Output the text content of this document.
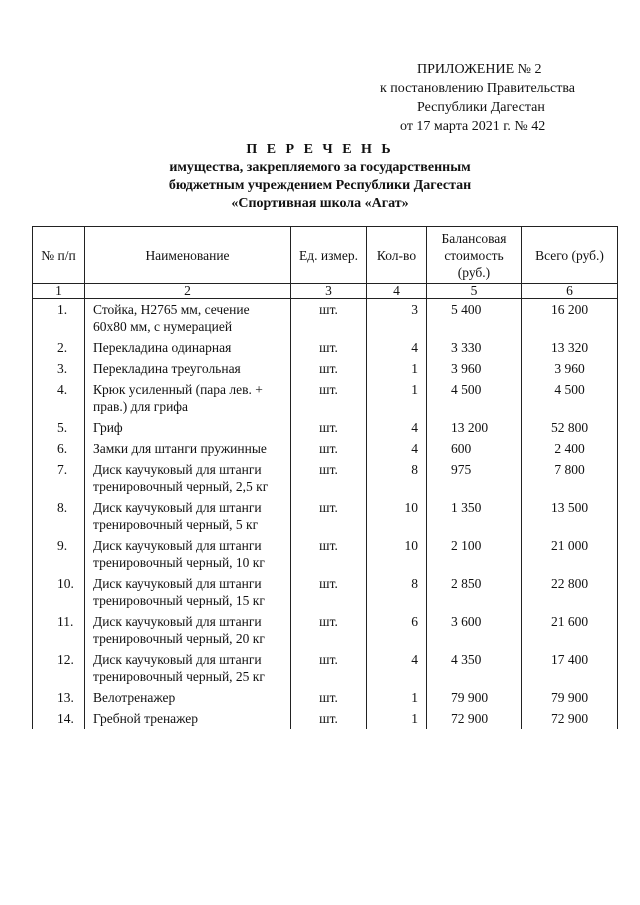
ПРИЛОЖЕНИЕ № 2
к постановлению Правительства
Республики Дагестан
от 17 марта 2021 г. № 42
П Е Р Е Ч Е Н Ь
имущества, закрепляемого за государственным
бюджетным учреждением Республики Дагестан
«Спортивная школа «Агат»
№ п/п	Наименование	Ед. измер.	Кол-во	Балансовая стоимость (руб.)	Всего (руб.)
1	2	3	4	5	6
1.	Стойка, Н2765 мм, сечение 60х80 мм, с нумерацией	шт.	3	5 400	16 200
2.	Перекладина одинарная	шт.	4	3 330	13 320
3.	Перекладина треугольная	шт.	1	3 960	3 960
4.	Крюк усиленный (пара лев. + прав.) для грифа	шт.	1	4 500	4 500
5.	Гриф	шт.	4	13 200	52 800
6.	Замки для штанги пружинные	шт.	4	600	2 400
7.	Диск каучуковый для штанги тренировочный черный, 2,5 кг	шт.	8	975	7 800
8.	Диск каучуковый для штанги тренировочный черный, 5 кг	шт.	10	1 350	13 500
9.	Диск каучуковый для штанги тренировочный черный, 10 кг	шт.	10	2 100	21 000
10.	Диск каучуковый для штанги тренировочный черный, 15 кг	шт.	8	2 850	22 800
11.	Диск каучуковый для штанги тренировочный черный, 20 кг	шт.	6	3 600	21 600
12.	Диск каучуковый для штанги тренировочный черный, 25 кг	шт.	4	4 350	17 400
13.	Велотренажер	шт.	1	79 900	79 900
14.	Гребной тренажер	шт.	1	72 900	72 900
